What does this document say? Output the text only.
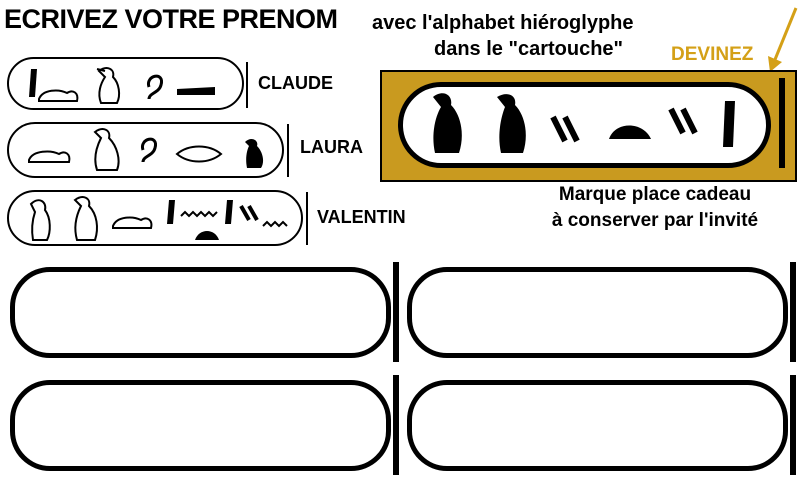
ECRIVEZ VOTRE PRENOM avec l'alphabet hiéroglyphe
dans le "cartouche"	DEVINEZ
CLAUDE
LAURA
VALENTIN
Marque place cadeau
à conserver par l'invité
